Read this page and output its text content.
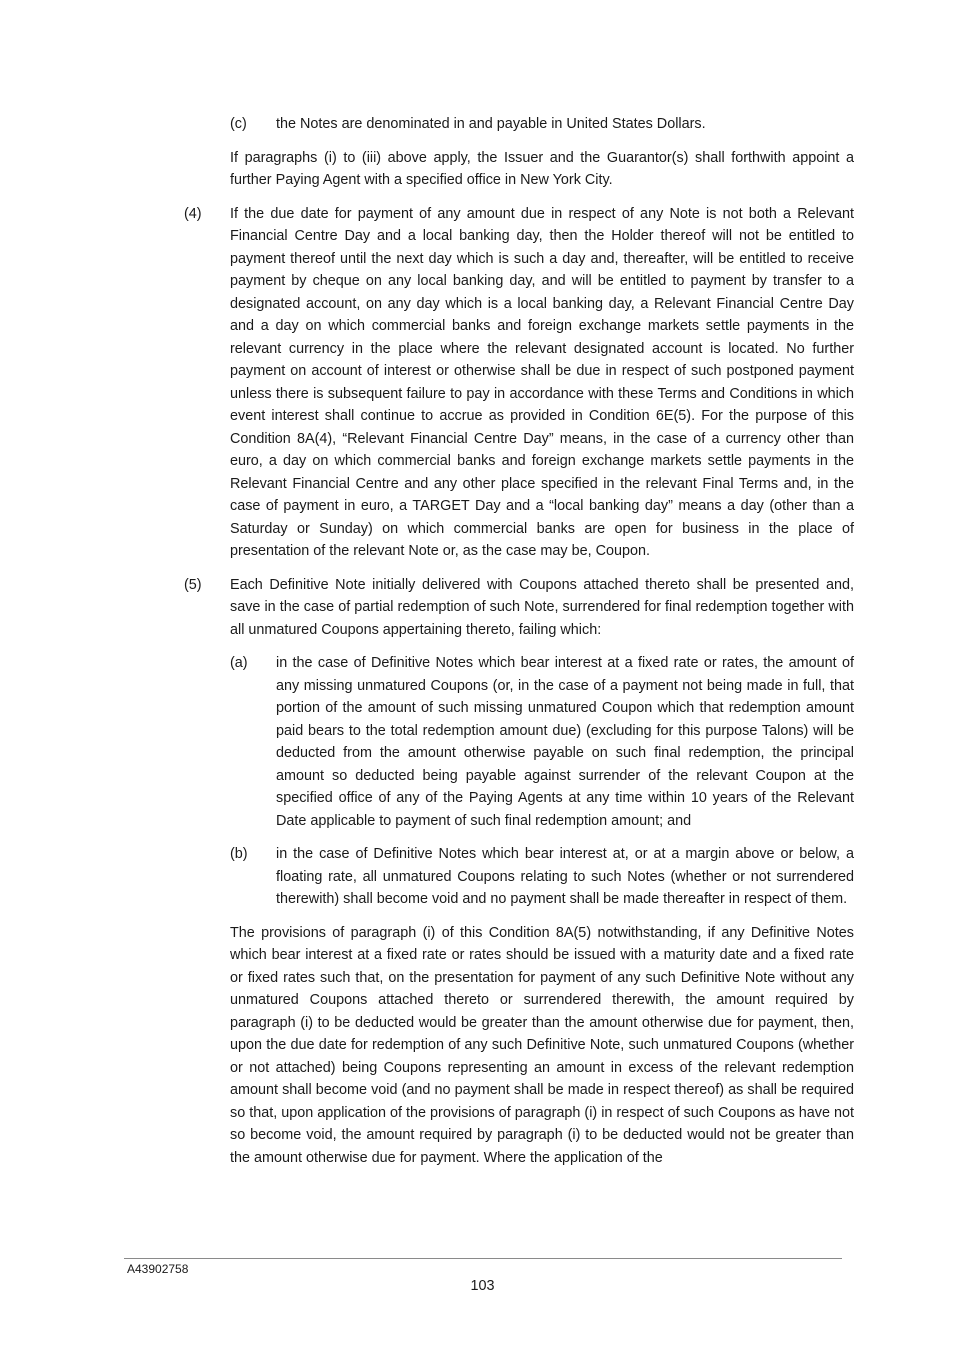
(c) the Notes are denominated in and payable in United States Dollars.

If paragraphs (i) to (iii) above apply, the Issuer and the Guarantor(s) shall forthwith appoint a further Paying Agent with a specified office in New York City.

(4) If the due date for payment of any amount due in respect of any Note is not both a Relevant Financial Centre Day and a local banking day, then the Holder thereof will not be entitled to payment thereof until the next day which is such a day and, thereafter, will be entitled to receive payment by cheque on any local banking day, and will be entitled to payment by transfer to a designated account, on any day which is a local banking day, a Relevant Financial Centre Day and a day on which commercial banks and foreign exchange markets settle payments in the relevant currency in the place where the relevant designated account is located. No further payment on account of interest or otherwise shall be due in respect of such postponed payment unless there is subsequent failure to pay in accordance with these Terms and Conditions in which event interest shall continue to accrue as provided in Condition 6E(5). For the purpose of this Condition 8A(4), “Relevant Financial Centre Day” means, in the case of a currency other than euro, a day on which commercial banks and foreign exchange markets settle payments in the Relevant Financial Centre and any other place specified in the relevant Final Terms and, in the case of payment in euro, a TARGET Day and a “local banking day” means a day (other than a Saturday or Sunday) on which commercial banks are open for business in the place of presentation of the relevant Note or, as the case may be, Coupon.

(5) Each Definitive Note initially delivered with Coupons attached thereto shall be presented and, save in the case of partial redemption of such Note, surrendered for final redemption together with all unmatured Coupons appertaining thereto, failing which:

(a) in the case of Definitive Notes which bear interest at a fixed rate or rates, the amount of any missing unmatured Coupons (or, in the case of a payment not being made in full, that portion of the amount of such missing unmatured Coupon which that redemption amount paid bears to the total redemption amount due) (excluding for this purpose Talons) will be deducted from the amount otherwise payable on such final redemption, the principal amount so deducted being payable against surrender of the relevant Coupon at the specified office of any of the Paying Agents at any time within 10 years of the Relevant Date applicable to payment of such final redemption amount; and

(b) in the case of Definitive Notes which bear interest at, or at a margin above or below, a floating rate, all unmatured Coupons relating to such Notes (whether or not surrendered therewith) shall become void and no payment shall be made thereafter in respect of them.

The provisions of paragraph (i) of this Condition 8A(5) notwithstanding, if any Definitive Notes which bear interest at a fixed rate or rates should be issued with a maturity date and a fixed rate or fixed rates such that, on the presentation for payment of any such Definitive Note without any unmatured Coupons attached thereto or surrendered therewith, the amount required by paragraph (i) to be deducted would be greater than the amount otherwise due for payment, then, upon the due date for redemption of any such Definitive Note, such unmatured Coupons (whether or not attached) being Coupons representing an amount in excess of the relevant redemption amount shall become void (and no payment shall be made in respect thereof) as shall be required so that, upon application of the provisions of paragraph (i) in respect of such Coupons as have not so become void, the amount required by paragraph (i) to be deducted would not be greater than the amount otherwise due for payment. Where the application of the

A43902758
103
